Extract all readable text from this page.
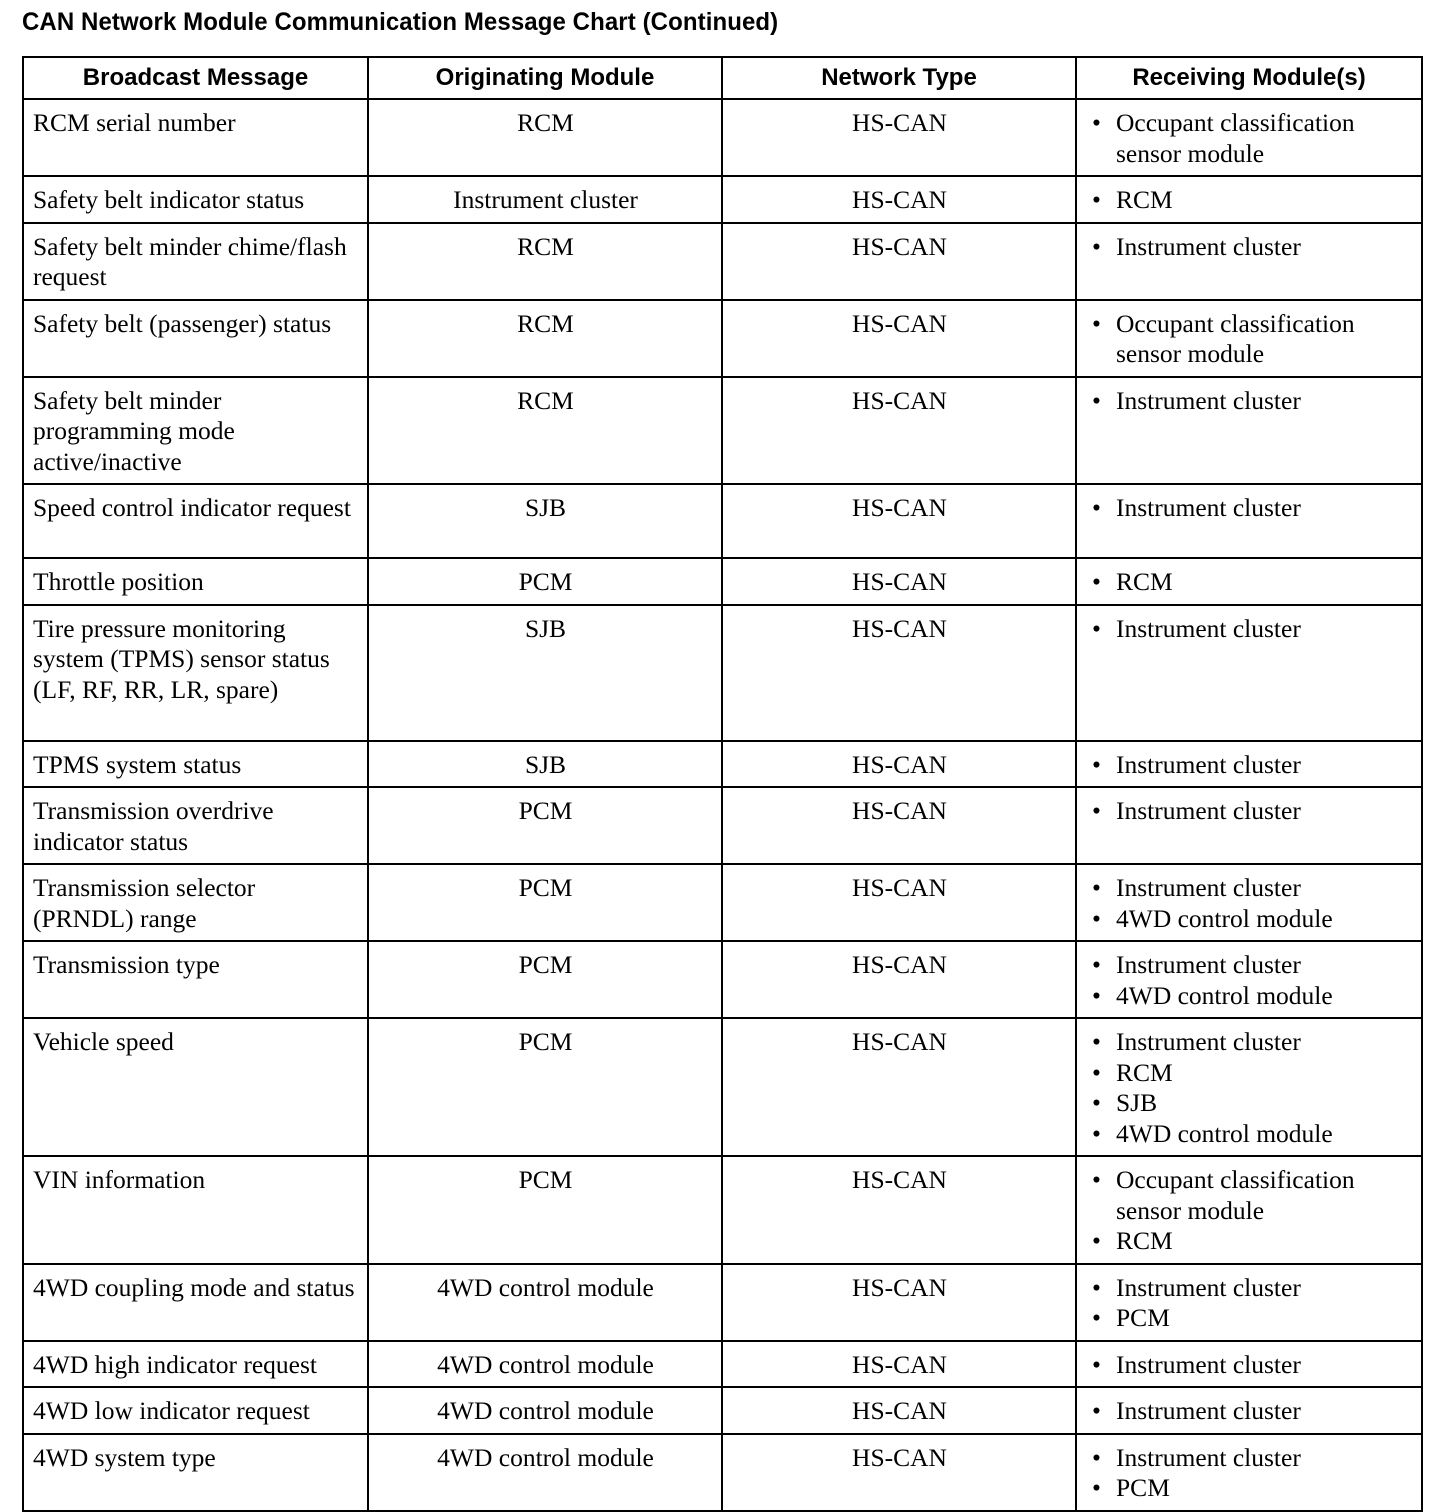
CAN Network Module Communication Message Chart (Continued)
Broadcast Message	Originating Module	Network Type	Receiving Module(s)
RCM serial number	RCM	HS-CAN	
•Occupant classification sensor module

Safety belt indicator status	Instrument cluster	HS-CAN	
•RCM

Safety belt minder chime/flash request	RCM	HS-CAN	
•Instrument cluster

Safety belt (passenger) status	RCM	HS-CAN	
•Occupant classification sensor module

Safety belt minder programming mode active/inactive	RCM	HS-CAN	
•Instrument cluster

Speed control indicator request	SJB	HS-CAN	
•Instrument cluster

Throttle position	PCM	HS-CAN	
•RCM

Tire pressure monitoring system (TPMS) sensor status (LF, RF, RR, LR, spare)	SJB	HS-CAN	
•Instrument cluster

TPMS system status	SJB	HS-CAN	
•Instrument cluster

Transmission overdrive indicator status	PCM	HS-CAN	
•Instrument cluster

Transmission selector (PRNDL) range	PCM	HS-CAN	
•Instrument cluster
• 4WD control module

Transmission type	PCM	HS-CAN	
•Instrument cluster
• 4WD control module

Vehicle speed	PCM	HS-CAN	
•Instrument cluster
• RCM
• SJB
• 4WD control module

VIN information	PCM	HS-CAN	
•Occupant classification sensor module
• RCM

4WD coupling mode and status	4WD control module	HS-CAN	
•Instrument cluster
• PCM

4WD high indicator request	4WD control module	HS-CAN	
•Instrument cluster

4WD low indicator request	4WD control module	HS-CAN	
•Instrument cluster

4WD system type	4WD control module	HS-CAN	
•Instrument cluster
• PCM
